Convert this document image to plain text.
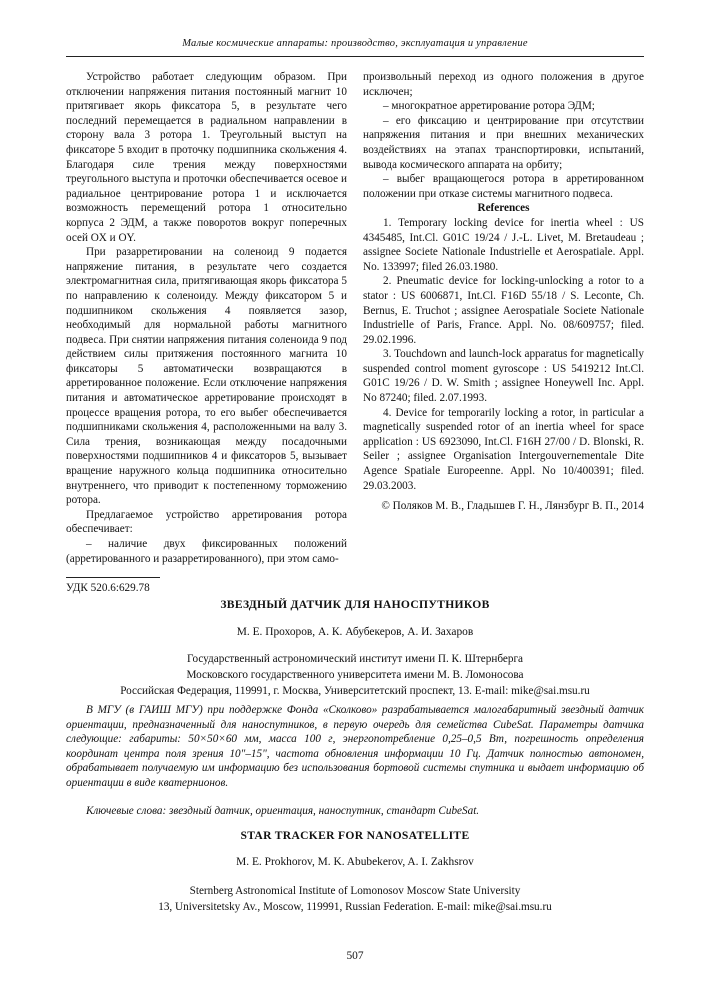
Малые космические аппараты: производство, эксплуатация и управление

Устройство работает следующим образом. При отключении напряжения питания постоянный магнит 10 притягивает якорь фиксатора 5, в результате чего последний перемещается в радиальном направлении в сторону вала 3 ротора 1. Треугольный выступ на фиксаторе 5 входит в проточку подшипника скольжения 4. Благодаря силе трения между поверхностями треугольного выступа и проточки обеспечивается осевое и радиальное центрирование ротора 1 и исключается возможность перемещений ротора 1 относительно корпуса 2 ЭДМ, а также поворотов вокруг поперечных осей OX и OY.

При разарретировании на соленоид 9 подается напряжение питания, в результате чего создается электромагнитная сила, притягивающая якорь фиксатора 5 по направлению к соленоиду. Между фиксатором 5 и подшипником скольжения 4 появляется зазор, необходимый для нормальной работы магнитного подвеса. При снятии напряжения питания соленоида 9 под действием силы притяжения постоянного магнита 10 фиксаторы 5 автоматически возвращаются в арретированное положение. Если отключение напряжения питания и автоматическое арретирование происходят в процессе вращения ротора, то его выбег обеспечивается подшипниками скольжения 4, расположенными на валу 3. Сила трения, возникающая между посадочными поверхностями подшипников 4 и фиксаторов 5, вызывает вращение наружного кольца подшипника относительно внутреннего, что приводит к постепенному торможению ротора.

Предлагаемое устройство арретирования ротора обеспечивает:

– наличие двух фиксированных положений (арретированного и разарретированного), при этом само-

произвольный переход из одного положения в другое исключен;

– многократное арретирование ротора ЭДМ;

– его фиксацию и центрирование при отсутствии напряжения питания и при внешних механических воздействиях на этапах транспортировки, испытаний, вывода космического аппарата на орбиту;

– выбег вращающегося ротора в арретированном положении при отказе системы магнитного подвеса.

References

1. Temporary locking device for inertia wheel : US 4345485, Int.Cl. G01C 19/24 / J.-L. Livet, M. Bretaudeau ; assignee Societe Nationale Industrielle et Aerospatiale. Appl. No. 133997; filed 26.03.1980.

2. Pneumatic device for locking-unlocking a rotor to a stator : US 6006871, Int.Cl. F16D 55/18 / S. Leconte, Ch. Bernus, E. Truchot ; assignee Aerospatiale Societe Nationale Industrielle of Paris, France. Appl. No. 08/609757; filed. 29.02.1996.

3. Touchdown and launch-lock apparatus for magnetically suspended control moment gyroscope : US 5419212 Int.Cl. G01C 19/26 / D. W. Smith ; assignee Honeywell Inc. Appl. No 87240; filed. 2.07.1993.

4. Device for temporarily locking a rotor, in particular a magnetically suspended rotor of an inertia wheel for space application : US 6923090, Int.Cl. F16H 27/00 / D. Blonski, R. Seiler ; assignee Organisation Intergouvernementale Dite Agence Spatiale Europeenne. Appl. No 10/400391; filed. 29.03.2003.

© Поляков М. В., Гладышев Г. Н., Лянзбург В. П., 2014

УДК 520.6:629.78
ЗВЕЗДНЫЙ ДАТЧИК ДЛЯ НАНОСПУТНИКОВ
М. Е. Прохоров, А. К. Абубекеров, А. И. Захаров
Государственный астрономический институт имени П. К. Штернберга
Московского государственного университета имени М. В. Ломоносова
Российская Федерация, 119991, г. Москва, Университетский проспект, 13. E-mail: mike@sai.msu.ru
В МГУ (в ГАИШ МГУ) при поддержке Фонда «Сколково» разрабатывается малогабаритный звездный датчик ориентации, предназначенный для наноспутников, в первую очередь для семейства CubeSat. Параметры датчика следующие: габариты: 50×50×60 мм, масса 100 г, энергопотребление 0,25–0,5 Вт, погрешность определения координат центра поля зрения 10"–15", частота обновления информации 10 Гц. Датчик полностью автономен, обрабатывает получаемую им информацию без использования бортовой системы спутника и выдает информацию об ориентации в виде кватернионов.
Ключевые слова: звездный датчик, ориентация, наноспутник, стандарт CubeSat.
STAR TRACKER FOR NANOSATELLITE
M. E. Prokhorov, M. K. Abubekerov, A. I. Zakhsrov
Sternberg Astronomical Institute of Lomonosov Moscow State University
13, Universitetsky Av., Moscow, 119991, Russian Federation. E-mail: mike@sai.msu.ru
507
